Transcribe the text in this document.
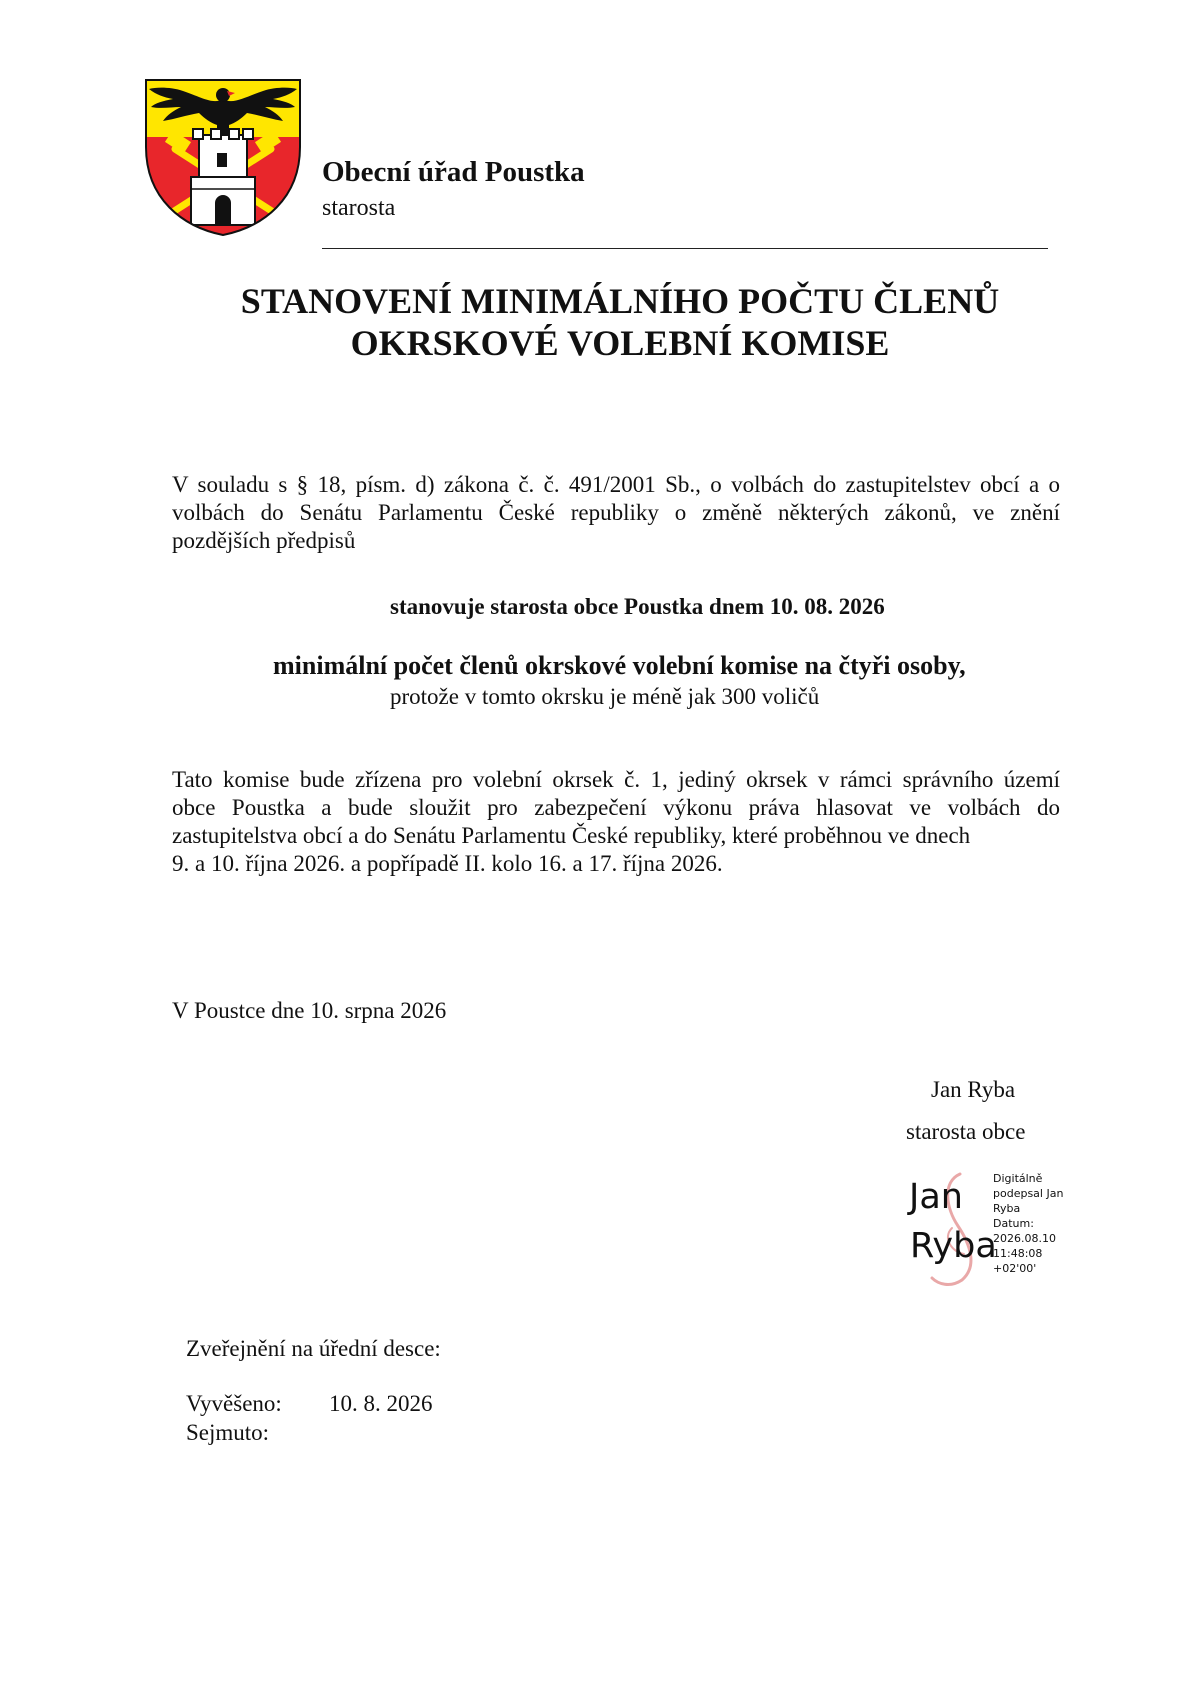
Obecní úřad Poustka
starosta
STANOVENÍ MINIMÁLNÍHO POČTU ČLENŮ
OKRSKOVÉ VOLEBNÍ KOMISE
V souladu s § 18, písm. d) zákona č. č. 491/2001 Sb., o volbách do zastupitelstev obcí a o
volbách do Senátu Parlamentu České republiky o změně některých zákonů, ve znění
pozdějších předpisů
stanovuje starosta obce Poustka dnem 10. 08. 2026
minimální počet členů okrskové volební komise na čtyři osoby,
protože v tomto okrsku je méně jak 300 voličů
Tato komise bude zřízena pro volební okrsek č. 1, jediný okrsek v rámci správního území
obce Poustka a bude sloužit pro zabezpečení výkonu práva hlasovat ve volbách do
zastupitelstva obcí a do Senátu Parlamentu České republiky, které proběhnou ve dnech
9. a 10. října 2026. a popřípadě II. kolo 16. a 17. října 2026.
V Poustce dne 10. srpna 2026
Jan Ryba
starosta obce
Jan
Ryba
Digitálně
podepsal Jan
Ryba
Datum:
2026.08.10
11:48:08
+02'00'
Zveřejnění na úřední desce:
Vyvěšeno: 10. 8. 2026
Sejmuto:
